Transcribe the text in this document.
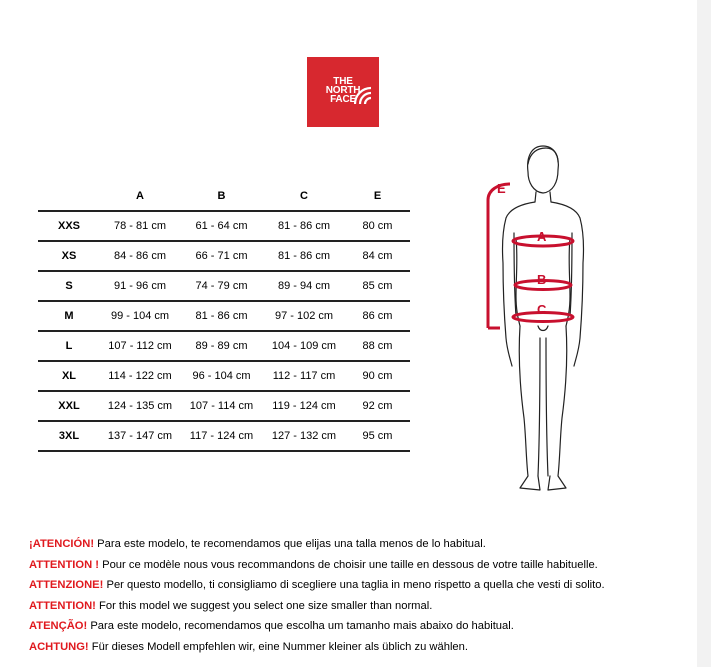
THE
NORTH
FACE
	A	B	C	E
XXS	78 - 81 cm	61 - 64 cm	81 - 86 cm	80 cm
XS	84 - 86 cm	66 - 71 cm	81 - 86 cm	84 cm
S	91 - 96 cm	74 - 79 cm	89 - 94 cm	85 cm
M	99 - 104 cm	81 - 86 cm	97 - 102 cm	86 cm
L	107 - 112 cm	89 - 89 cm	104 - 109 cm	88 cm
XL	114 - 122 cm	96 - 104 cm	112 - 117 cm	90 cm
XXL	124 - 135 cm	107 - 114 cm	119 - 124 cm	92 cm
3XL	137 - 147 cm	117 - 124 cm	127 - 132 cm	95 cm
A
B
C
E
¡ATENCIÓN! Para este modelo, te recomendamos que elijas una talla menos de lo habitual.
ATTENTION ! Pour ce modèle nous vous recommandons de choisir une taille en dessous de votre taille habituelle.
ATTENZIONE! Per questo modello, ti consigliamo di scegliere una taglia in meno rispetto a quella che vesti di solito.
ATTENTION! For this model we suggest you select one size smaller than normal.
ATENÇÃO! Para este modelo, recomendamos que escolha um tamanho mais abaixo do habitual.
ACHTUNG! Für dieses Modell empfehlen wir, eine Nummer kleiner als üblich zu wählen.
